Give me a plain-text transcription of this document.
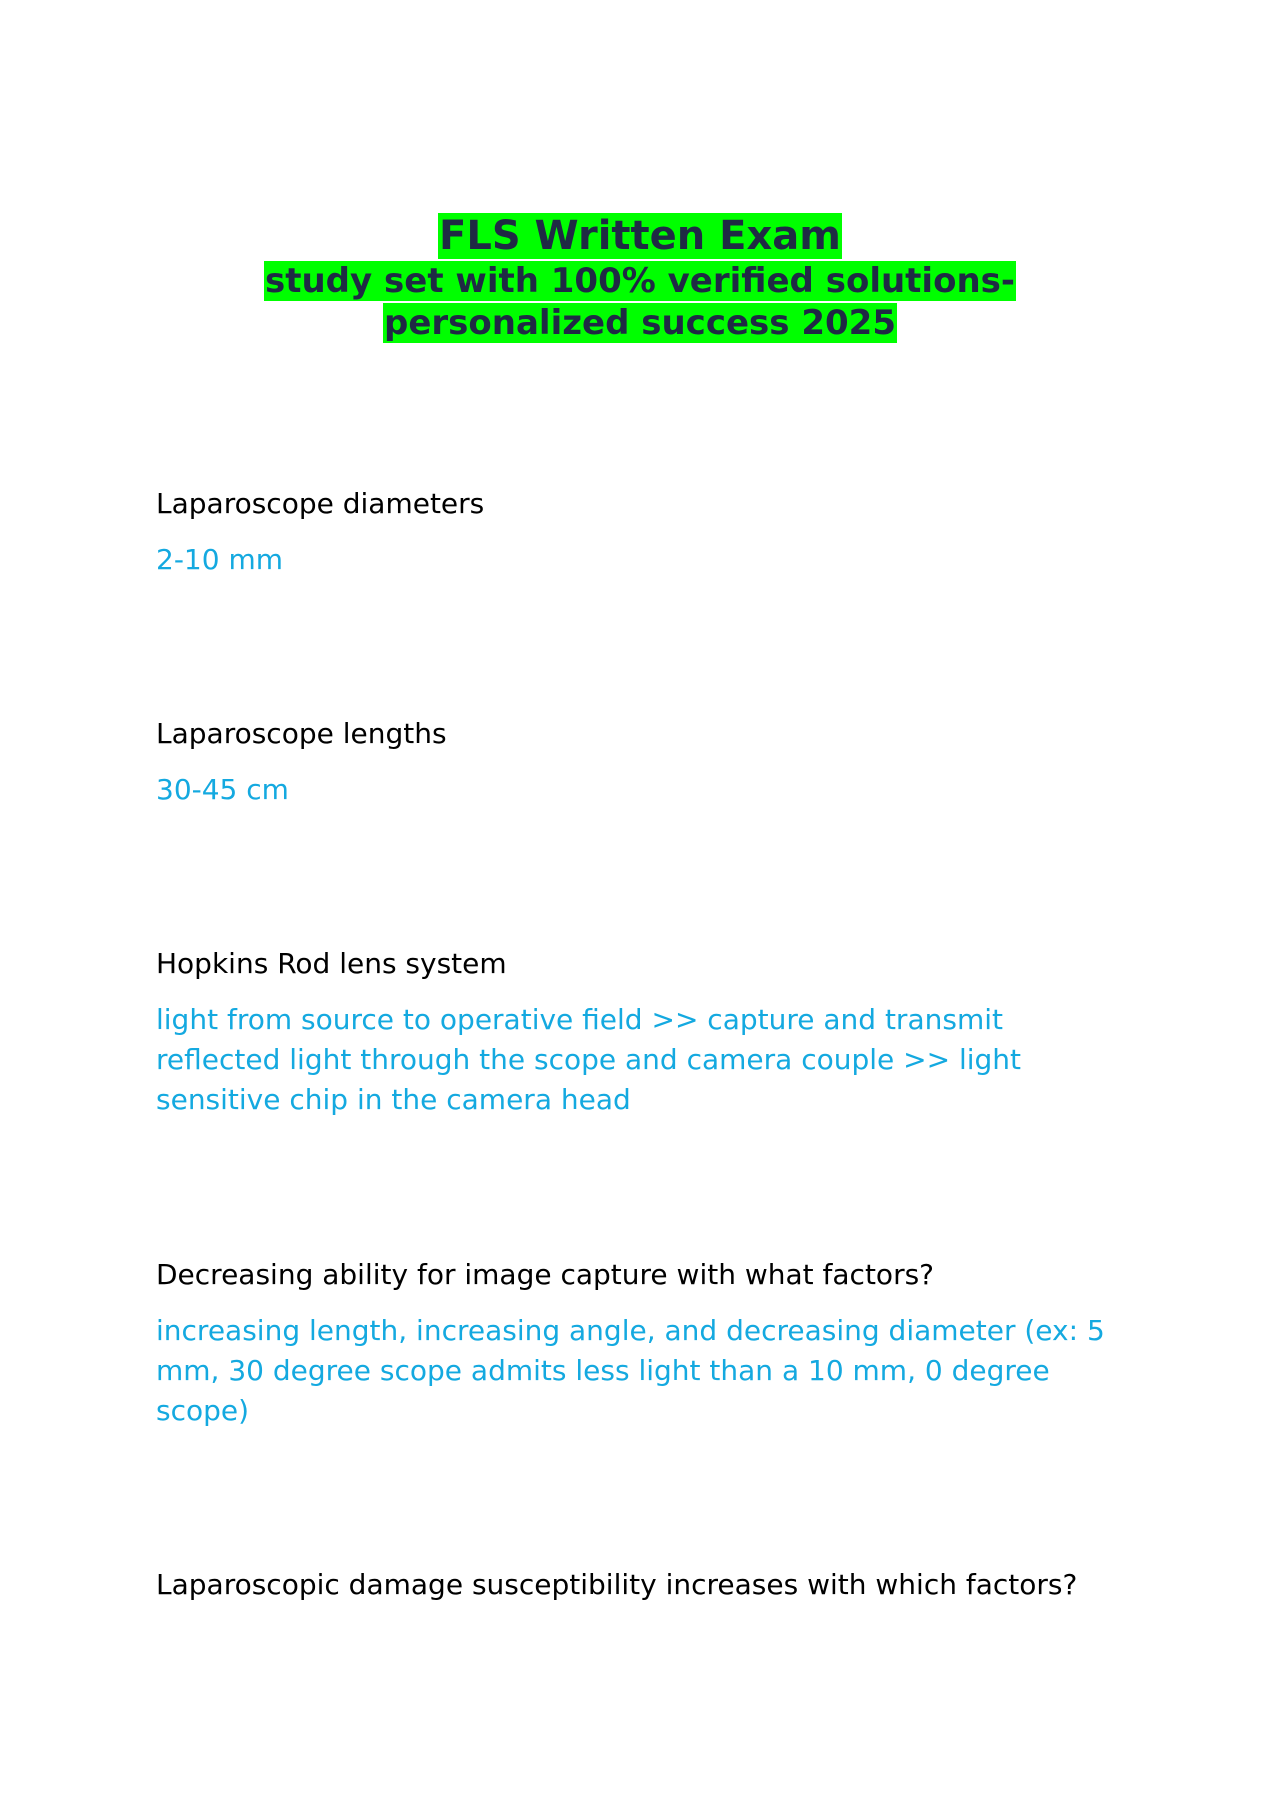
FLS Written Exam

study set with 100% verified solutions- personalized success 2025

Laparoscope diameters

2-10 mm

Laparoscope lengths

30-45 cm

Hopkins Rod lens system

light from source to operative field >> capture and transmit reflected light through the scope and camera couple >> light sensitive chip in the camera head

Decreasing ability for image capture with what factors?

increasing length, increasing angle, and decreasing diameter (ex: 5 mm, 30 degree scope admits less light than a 10 mm, 0 degree scope)

Laparoscopic damage susceptibility increases with which factors?
